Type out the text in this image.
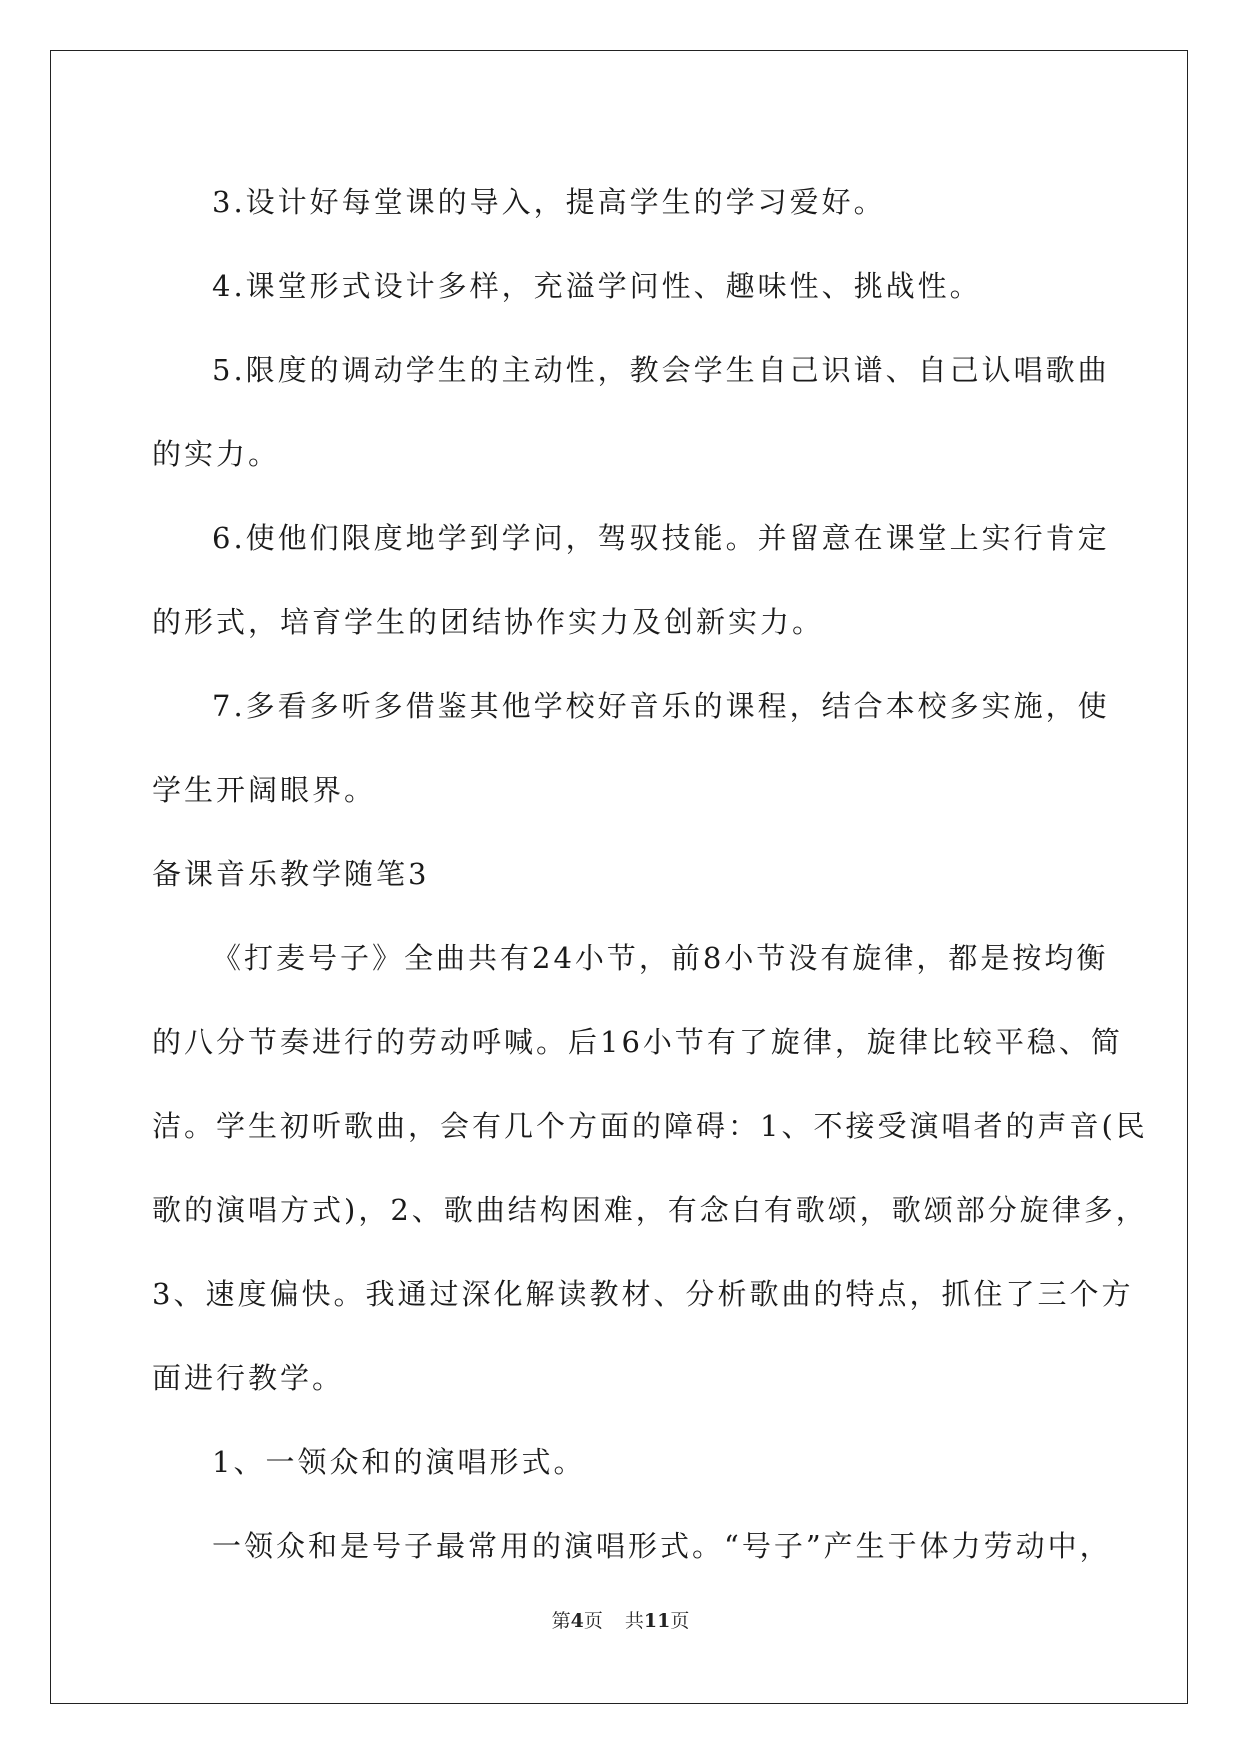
3.设计好每堂课的导入，提高学生的学习爱好。
4.课堂形式设计多样，充溢学问性、趣味性、挑战性。
5.限度的调动学生的主动性，教会学生自己识谱、自己认唱歌曲
的实力。
6.使他们限度地学到学问，驾驭技能。并留意在课堂上实行肯定
的形式，培育学生的团结协作实力及创新实力。
7.多看多听多借鉴其他学校好音乐的课程，结合本校多实施，使
学生开阔眼界。
备课音乐教学随笔3
《打麦号子》全曲共有24小节，前8小节没有旋律，都是按均衡
的八分节奏进行的劳动呼喊。后16小节有了旋律，旋律比较平稳、简
洁。学生初听歌曲，会有几个方面的障碍：1、不接受演唱者的声音(民
歌的演唱方式)，2、歌曲结构困难，有念白有歌颂，歌颂部分旋律多，
3、速度偏快。我通过深化解读教材、分析歌曲的特点，抓住了三个方
面进行教学。
1、一领众和的演唱形式。
一领众和是号子最常用的演唱形式。“号子”产生于体力劳动中，
第4页 共11页
